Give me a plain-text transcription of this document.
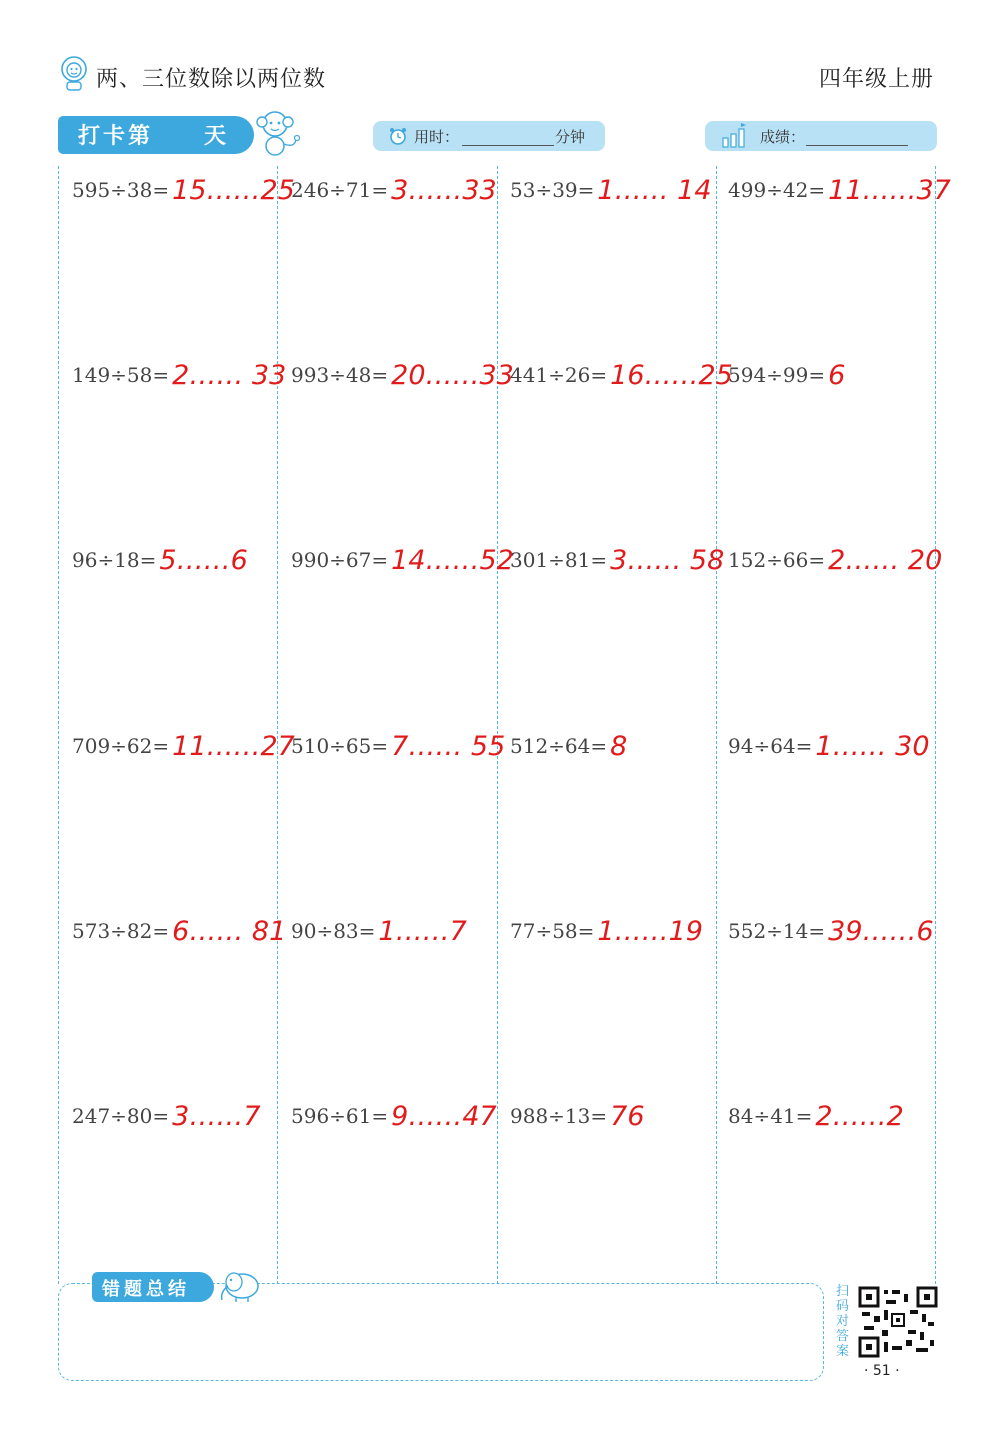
两、三位数除以两位数	四年级上册
打卡第 天	用时：	分钟	成绩：
595÷38= 15……25
149÷58= 2…… 33
96÷18= 5……6
709÷62= 11……27
573÷82= 6…… 81
247÷80= 3……7
246÷71= 3……33
993÷48= 20……33
990÷67= 14……52
510÷65= 7…… 55
90÷83= 1……7
596÷61= 9……47
53÷39= 1…… 14
441÷26= 16……25
301÷81= 3…… 58
512÷64= 8
77÷58= 1……19
988÷13= 76
499÷42= 11……37
594÷99= 6
152÷66= 2…… 20
94÷64= 1…… 30
552÷14= 39……6
84÷41= 2……2
错题总结	扫码对答案
· 51 ·
